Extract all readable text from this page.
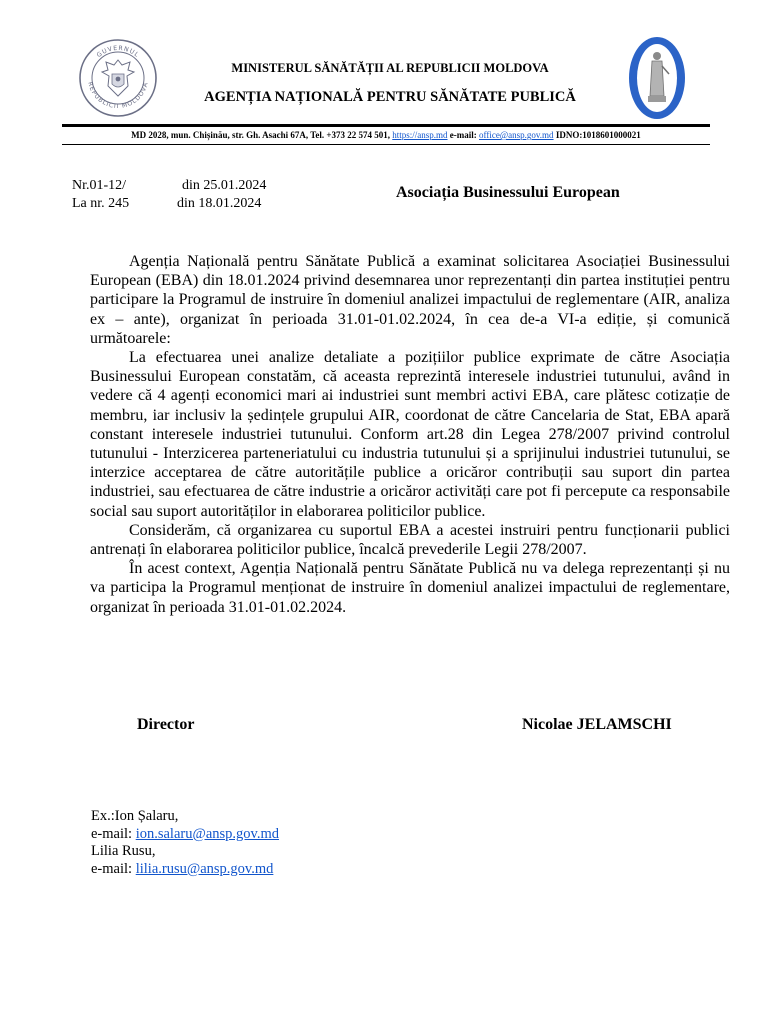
GUVERNUL
REPUBLICII MOLDOVA
MINISTERUL SĂNĂTĂȚII AL REPUBLICII MOLDOVA
AGENȚIA NAȚIONALĂ PENTRU SĂNĂTATE PUBLICĂ
MD 2028, mun. Chișinău, str. Gh. Asachi 67A, Tel. +373 22 574 501, https://ansp.md e-mail: office@ansp.gov.md IDNO:1018601000021
Nr.01-12/	din 25.01.2024
La nr. 245	din 18.01.2024
Asociația Businessului European

Agenția Națională pentru Sănătate Publică a examinat solicitarea Asociației Businessului European (EBA) din 18.01.2024 privind desemnarea unor reprezentanți din partea instituției pentru participare la Programul de instruire în domeniul analizei impactului de reglementare (AIR, analiza ex – ante), organizat în perioada 31.01-01.02.2024, în cea de-a VI-a ediție, și comunică următoarele:

La efectuarea unei analize detaliate a pozițiilor publice exprimate de către Asociația Businessului European constatăm, că aceasta reprezintă interesele industriei tutunului, având in vedere că 4 agenți economici mari ai industriei sunt membri activi EBA, care plătesc cotizație de membru, iar inclusiv la ședințele grupului AIR, coordonat de către Cancelaria de Stat, EBA apară constant interesele industriei tutunului. Conform art.28 din Legea 278/2007 privind controlul tutunului - Interzicerea parteneriatului cu industria tutunului și a sprijinului industriei tutunului, se interzice acceptarea de către autoritățile publice a oricăror contribuții sau suport din partea industriei, sau efectuarea de către industrie a oricăror activități care pot fi percepute ca responsabile social sau suport autorităților in elaborarea politicilor publice.

Considerăm, că organizarea cu suportul EBA a acestei instruiri pentru funcționarii publici antrenați în elaborarea politicilor publice, încalcă prevederile Legii 278/2007.

În acest context, Agenția Națională pentru Sănătate Publică nu va delega reprezentanți și nu va participa la Programul menționat de instruire în domeniul analizei impactului de reglementare, organizat în perioada 31.01-01.02.2024.

Director	Nicolae JELAMSCHI
Ex.:Ion Șalaru,
e-mail: ion.salaru@ansp.gov.md
Lilia Rusu,
e-mail: lilia.rusu@ansp.gov.md
